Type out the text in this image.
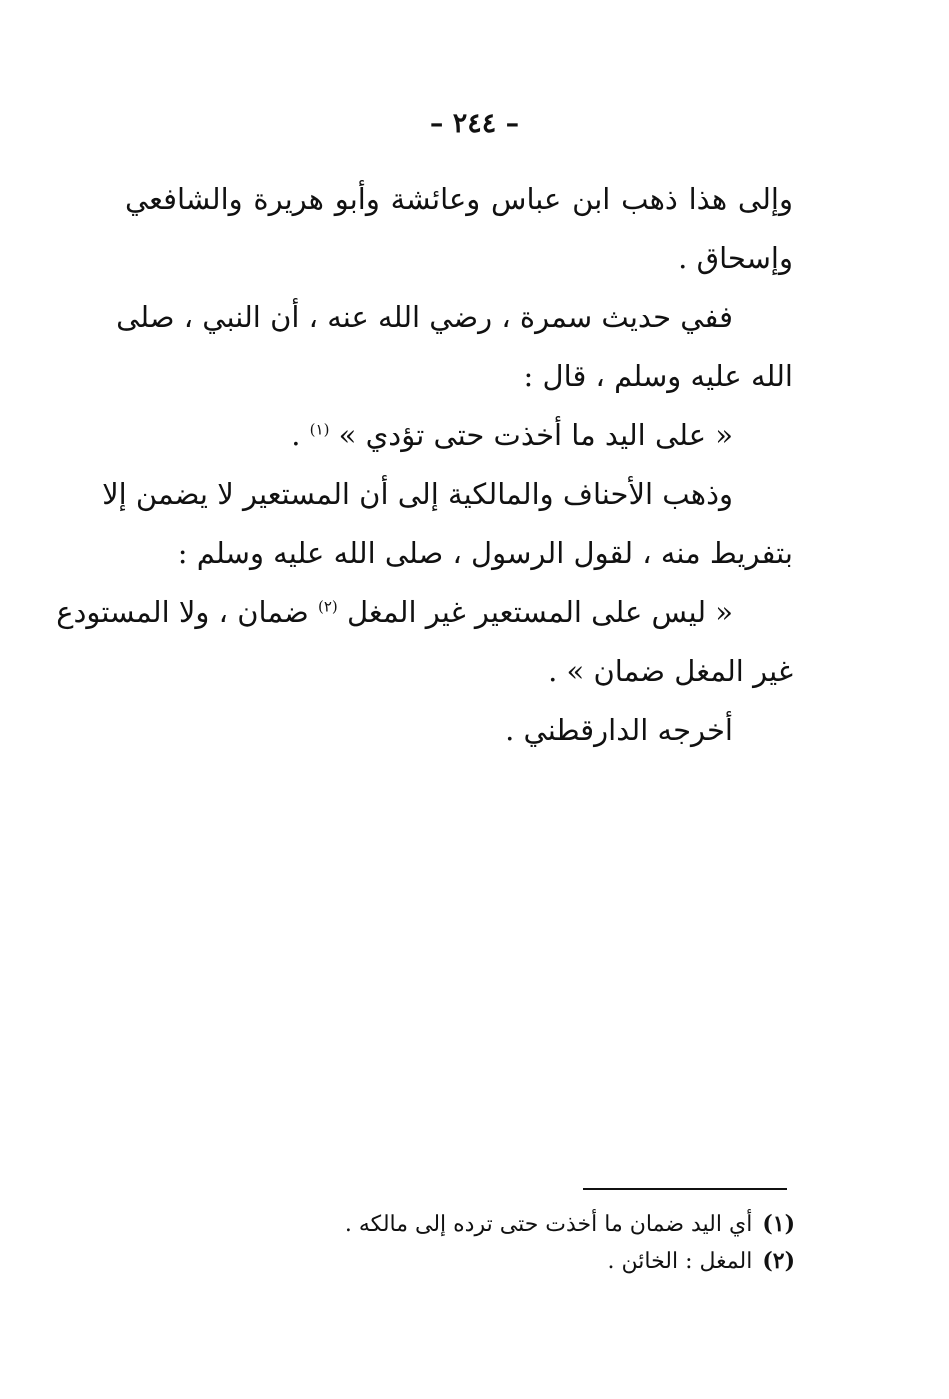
– ٢٤٤ –
وإلى هذا ذهب ابن عباس وعائشة وأبو هريرة والشافعي
وإسحاق .
ففي حديث سمرة ، رضي الله عنه ، أن النبي ، صلى
الله عليه وسلم ، قال :
« على اليد ما أخذت حتى تؤدي » $^{(١)}$ .
وذهب الأحناف والمالكية إلى أن المستعير لا يضمن إلا
بتفريط منه ، لقول الرسول ، صلى الله عليه وسلم :
« ليس على المستعير غير المغل $^{(٢)}$ ضمان ، ولا المستودع
غير المغل ضمان » .
أخرجه الدارقطني .
(١)أي اليد ضمان ما أخذت حتى ترده إلى مالكه .
(٢)المغل : الخائن .
